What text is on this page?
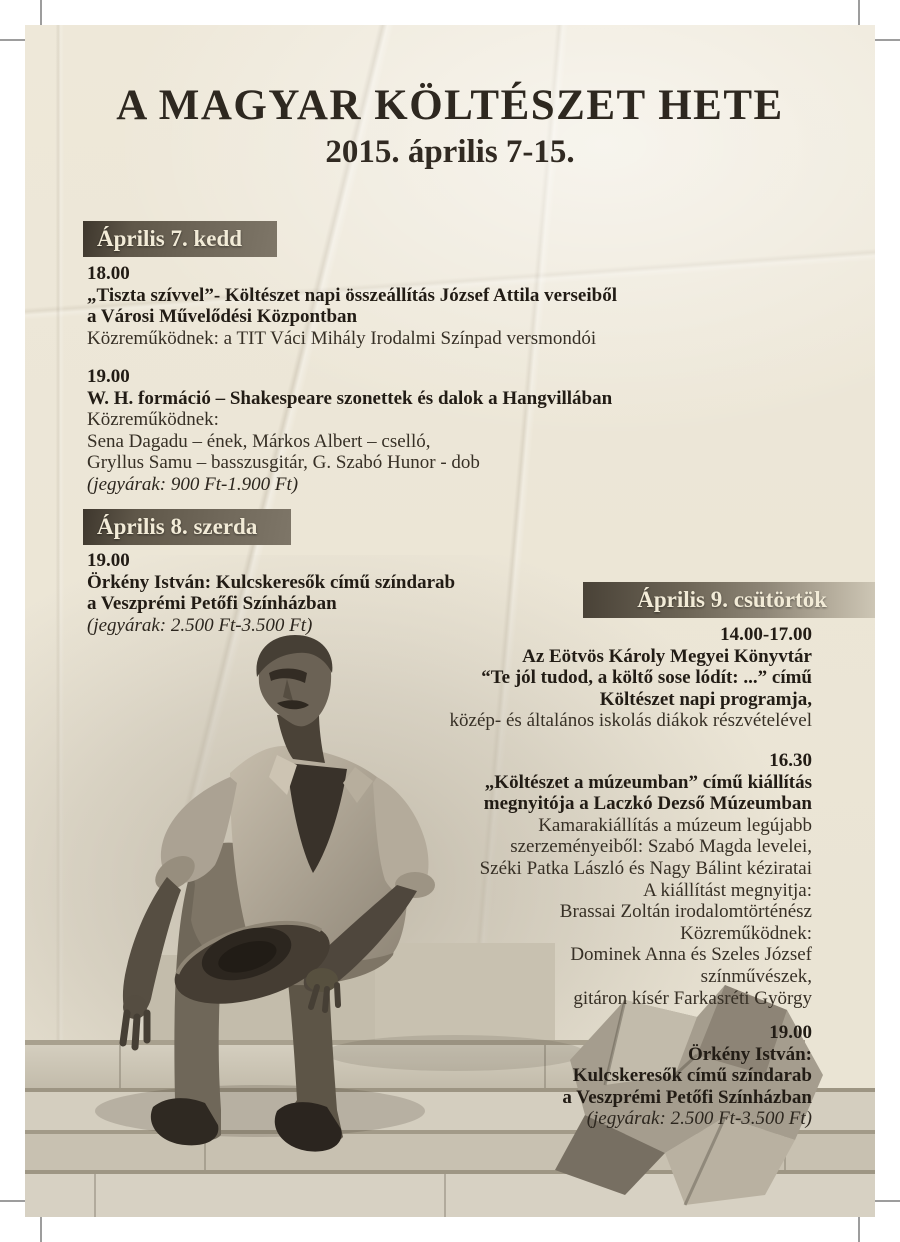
A MAGYAR KÖLTÉSZET HETE
2015. április 7-15.
Április 7. kedd
18.00
„Tiszta szívvel”- Költészet napi összeállítás József Attila verseiből
a Városi Művelődési Központban
Közreműködnek: a TIT Váci Mihály Irodalmi Színpad versmondói
19.00
W. H. formáció – Shakespeare szonettek és dalok a Hangvillában
Közreműködnek:
Sena Dagadu – ének, Márkos Albert – cselló,
Gryllus Samu – basszusgitár, G. Szabó Hunor - dob
(jegyárak: 900 Ft-1.900 Ft)
Április 8. szerda
19.00
Örkény István: Kulcskeresők című színdarab
a Veszprémi Petőfi Színházban
(jegyárak: 2.500 Ft-3.500 Ft)
Április 9. csütörtök
14.00-17.00
Az Eötvös Károly Megyei Könyvtár
“Te jól tudod, a költő sose lódít: ...” című
Költészet napi programja,
közép- és általános iskolás diákok részvételével
16.30
„Költészet a múzeumban” című kiállítás
megnyitója a Laczkó Dezső Múzeumban
Kamarakiállítás a múzeum legújabb
szerzeményeiből: Szabó Magda levelei,
Széki Patka László és Nagy Bálint kéziratai
A kiállítást megnyitja:
Brassai Zoltán irodalomtörténész
Közreműködnek:
Dominek Anna és Szeles József
színművészek,
gitáron kísér Farkasréti György
19.00
Örkény István:
Kulcskeresők című színdarab
a Veszprémi Petőfi Színházban
(jegyárak: 2.500 Ft-3.500 Ft)
